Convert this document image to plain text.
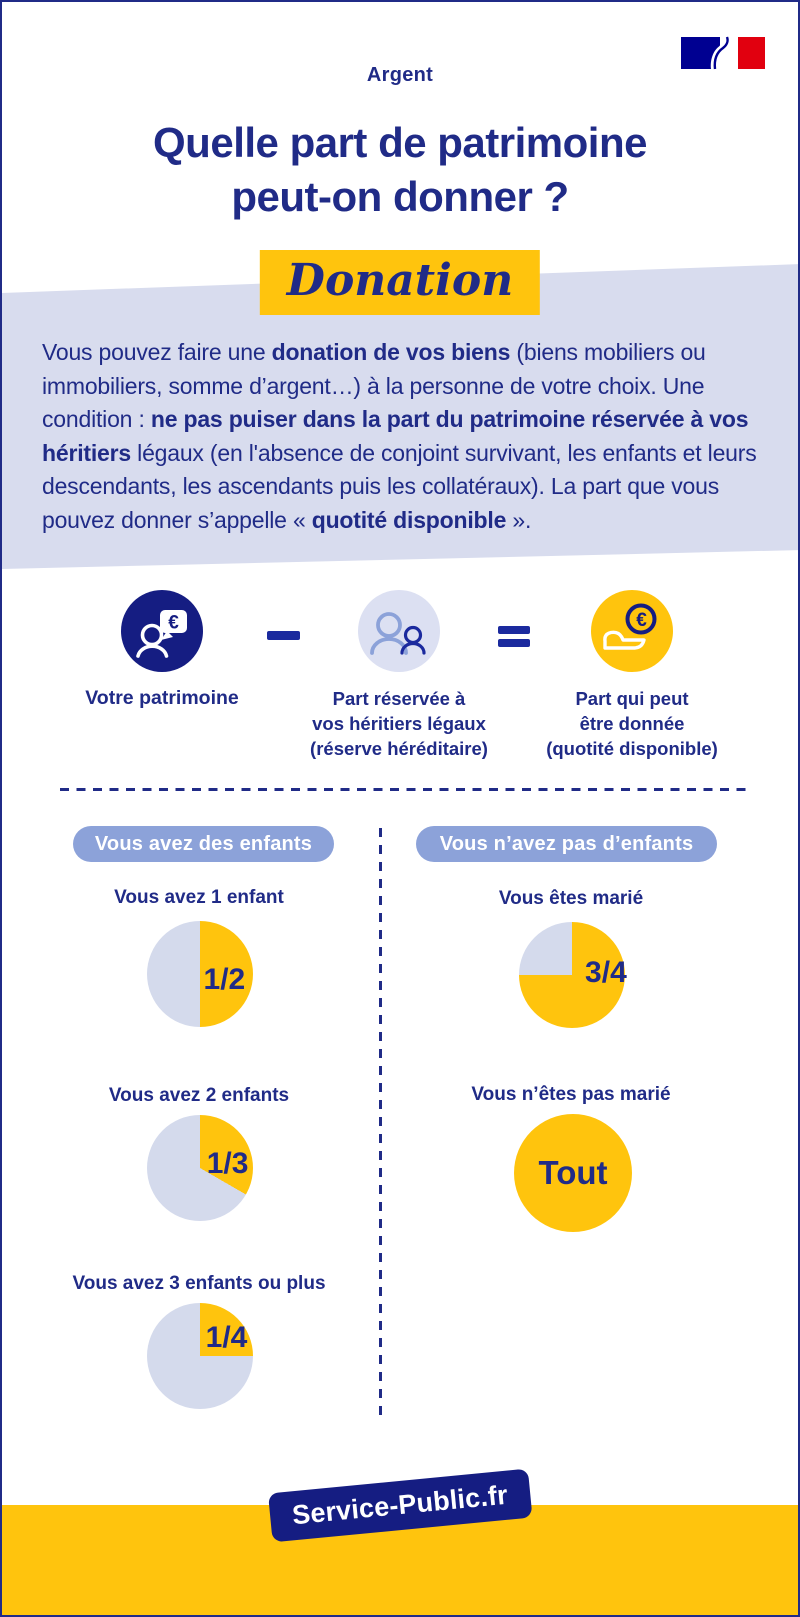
Argent
Quelle part de patrimoine
peut-on donner ?
Donation
Vous pouvez faire une donation de vos biens (biens mobiliers ou immobiliers, somme d’argent…) à la personne de votre choix. Une condition : ne pas puiser dans la part du patrimoine réservée à vos héritiers légaux (en l'absence de conjoint survivant, les enfants et leurs descendants, les ascendants puis les collatéraux). La part que vous pouvez donner s’appelle « quotité disponible ».
€	€
Votre patrimoine	Part réservée à
vos héritiers légaux
(réserve héréditaire)
Part qui peut
être donnée
(quotité disponible)
Vous avez des enfants	Vous n’avez pas d’enfants
Vous avez 1 enfant
1/2
Vous avez 2 enfants
1/3
Vous avez 3 enfants ou plus
1/4
Vous êtes marié
3/4
Vous n’êtes pas marié
Tout
Service-Public.fr
